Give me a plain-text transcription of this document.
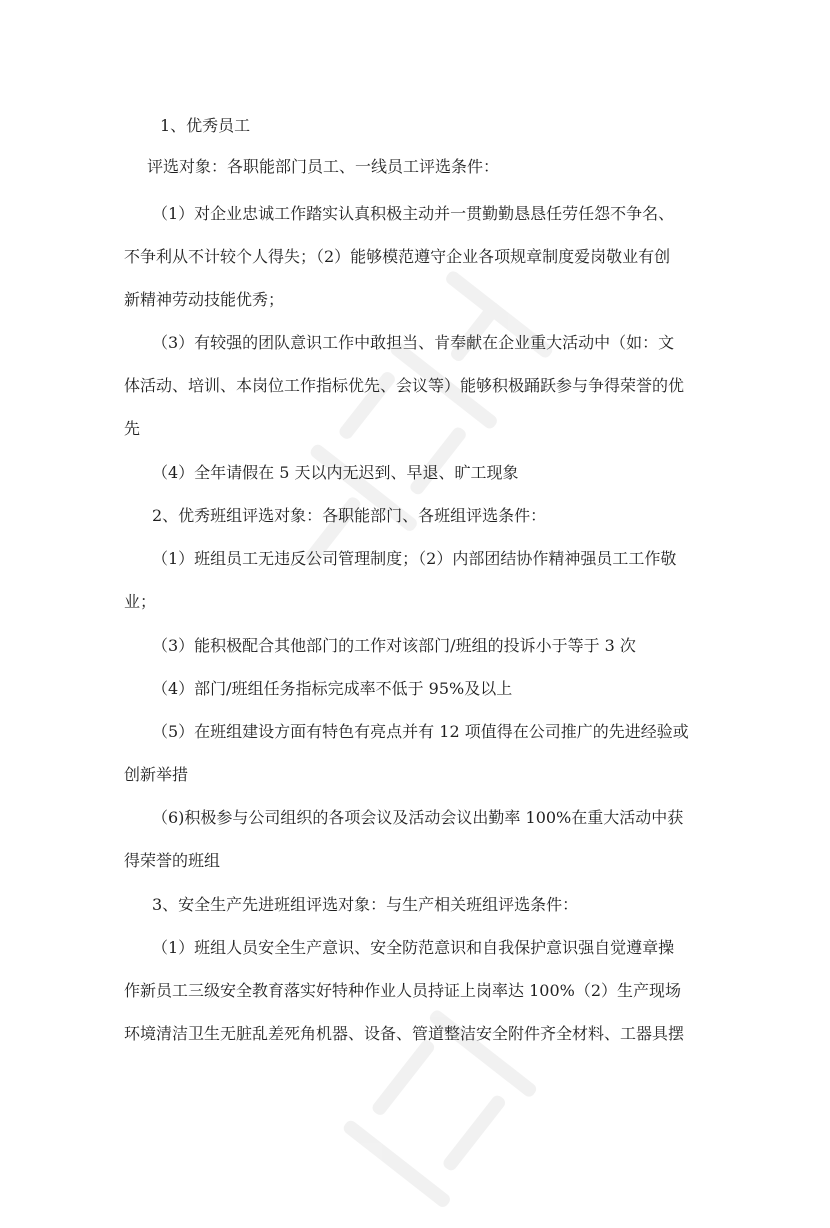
1、优秀员工
评选对象：各职能部门员工、一线员工评选条件：
（1）对企业忠诚工作踏实认真积极主动并一贯勤勤恳恳任劳任怨不争名、
不争利从不计较个人得失；（2）能够模范遵守企业各项规章制度爱岗敬业有创
新精神劳动技能优秀；
（3）有较强的团队意识工作中敢担当、肯奉献在企业重大活动中（如：文
体活动、培训、本岗位工作指标优先、会议等）能够积极踊跃参与争得荣誉的优
先
（4）全年请假在 5 天以内无迟到、早退、旷工现象
2、优秀班组评选对象：各职能部门、各班组评选条件：
（1）班组员工无违反公司管理制度；（2）内部团结协作精神强员工工作敬
业；
（3）能积极配合其他部门的工作对该部门/班组的投诉小于等于 3 次
（4）部门/班组任务指标完成率不低于 95%及以上
（5）在班组建设方面有特色有亮点并有 12 项值得在公司推广的先进经验或
创新举措
（6)积极参与公司组织的各项会议及活动会议出勤率 100%在重大活动中获
得荣誉的班组
3、安全生产先进班组评选对象：与生产相关班组评选条件：
（1）班组人员安全生产意识、安全防范意识和自我保护意识强自觉遵章操
作新员工三级安全教育落实好特种作业人员持证上岗率达 100%（2）生产现场
环境清洁卫生无脏乱差死角机器、设备、管道整洁安全附件齐全材料、工器具摆
